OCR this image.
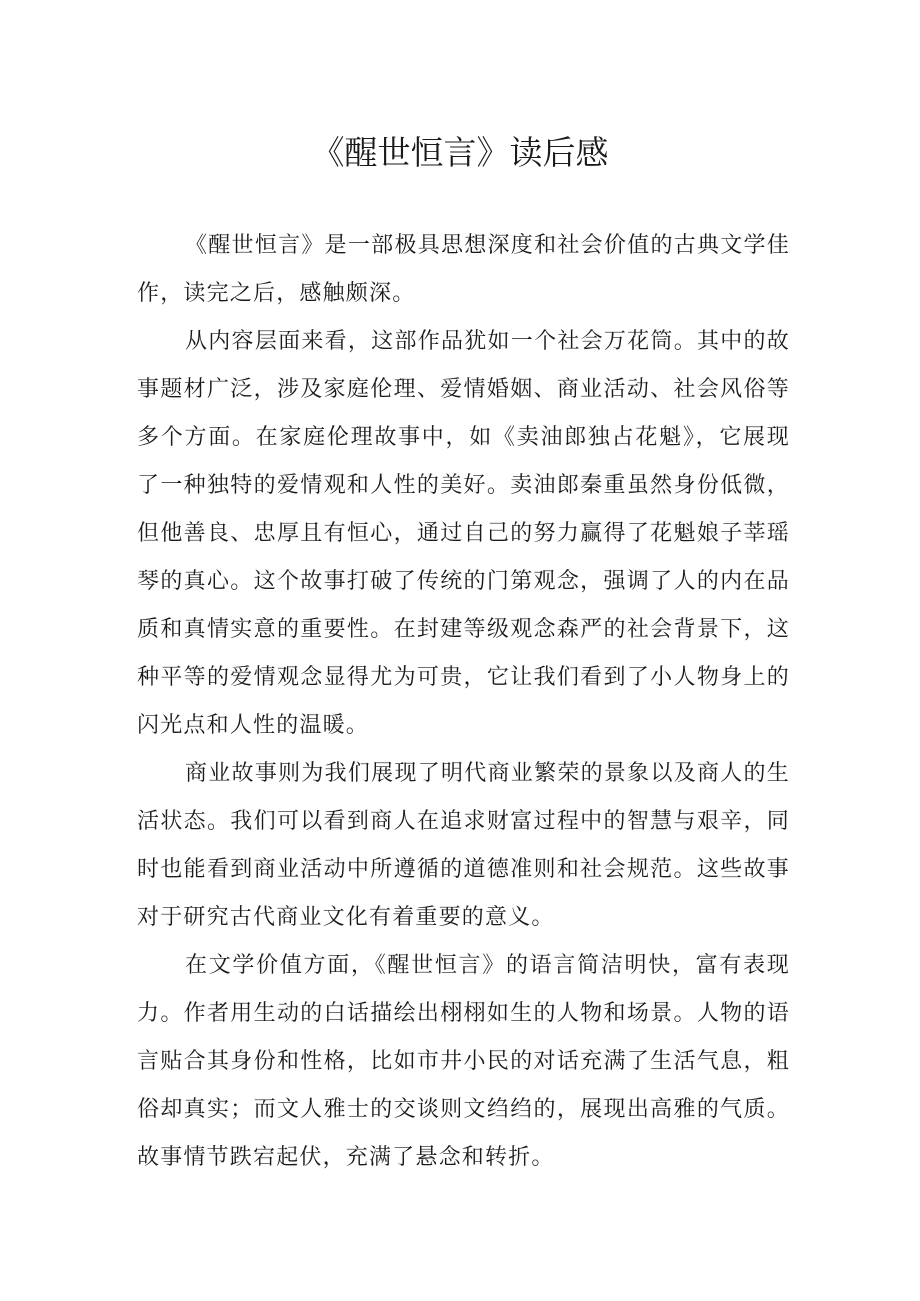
《醒世恒言》读后感

《醒世恒言》是一部极具思想深度和社会价值的古典文学佳作，读完之后，感触颇深。

从内容层面来看，这部作品犹如一个社会万花筒。其中的故事题材广泛，涉及家庭伦理、爱情婚姻、商业活动、社会风俗等多个方面。在家庭伦理故事中，如《卖油郎独占花魁》，它展现了一种独特的爱情观和人性的美好。卖油郎秦重虽然身份低微，但他善良、忠厚且有恒心，通过自己的努力赢得了花魁娘子莘瑶琴的真心。这个故事打破了传统的门第观念，强调了人的内在品质和真情实意的重要性。在封建等级观念森严的社会背景下，这种平等的爱情观念显得尤为可贵，它让我们看到了小人物身上的闪光点和人性的温暖。

商业故事则为我们展现了明代商业繁荣的景象以及商人的生活状态。我们可以看到商人在追求财富过程中的智慧与艰辛，同时也能看到商业活动中所遵循的道德准则和社会规范。这些故事对于研究古代商业文化有着重要的意义。

在文学价值方面，《醒世恒言》的语言简洁明快，富有表现力。作者用生动的白话描绘出栩栩如生的人物和场景。人物的语言贴合其身份和性格，比如市井小民的对话充满了生活气息，粗俗却真实；而文人雅士的交谈则文绉绉的，展现出高雅的气质。故事情节跌宕起伏，充满了悬念和转折。
